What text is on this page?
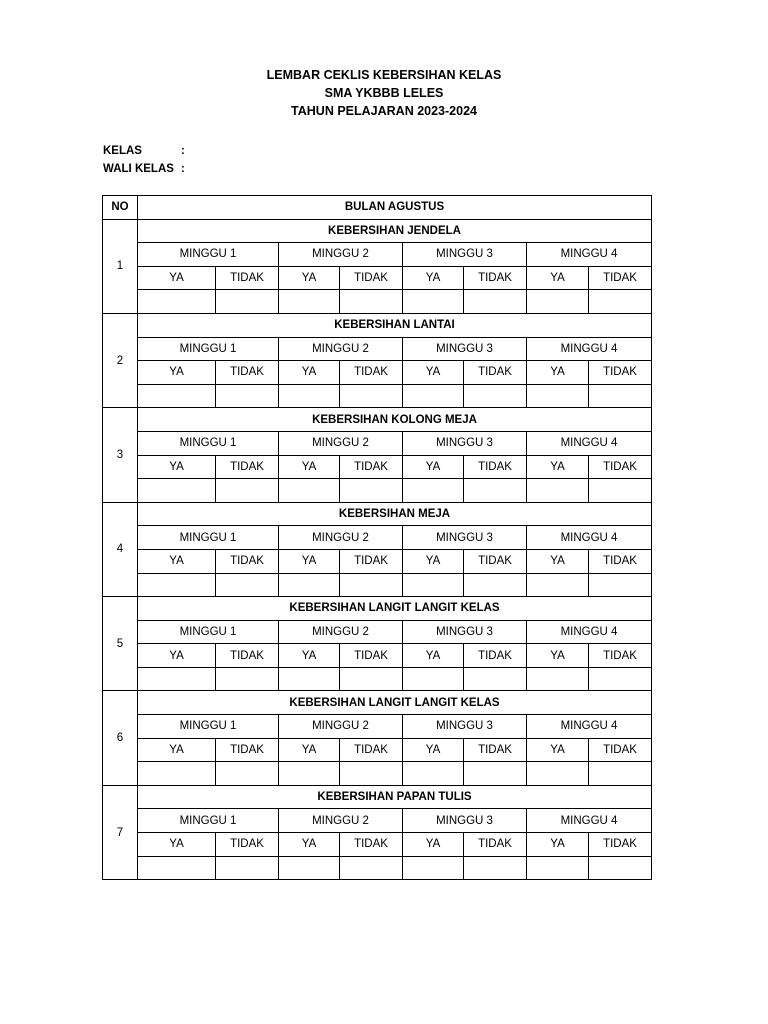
LEMBAR CEKLIS KEBERSIHAN KELAS
SMA YKBBB LELES
TAHUN PELAJARAN 2023-2024
KELAS	:
WALI KELAS :
NO	BULAN AGUSTUS							
1	KEBERSIHAN JENDELA							
	MINGGU 1		MINGGU 2		MINGGU 3		MINGGU 4	
	YA	TIDAK	YA	TIDAK	YA	TIDAK	YA	TIDAK

2	KEBERSIHAN LANTAI							
	MINGGU 1		MINGGU 2		MINGGU 3		MINGGU 4	
	YA	TIDAK	YA	TIDAK	YA	TIDAK	YA	TIDAK

3	KEBERSIHAN KOLONG MEJA							
	MINGGU 1		MINGGU 2		MINGGU 3		MINGGU 4	
	YA	TIDAK	YA	TIDAK	YA	TIDAK	YA	TIDAK

4	KEBERSIHAN MEJA							
	MINGGU 1		MINGGU 2		MINGGU 3		MINGGU 4	
	YA	TIDAK	YA	TIDAK	YA	TIDAK	YA	TIDAK

5	KEBERSIHAN LANGIT LANGIT KELAS							
	MINGGU 1		MINGGU 2		MINGGU 3		MINGGU 4	
	YA	TIDAK	YA	TIDAK	YA	TIDAK	YA	TIDAK

6	KEBERSIHAN LANGIT LANGIT KELAS							
	MINGGU 1		MINGGU 2		MINGGU 3		MINGGU 4	
	YA	TIDAK	YA	TIDAK	YA	TIDAK	YA	TIDAK

7	KEBERSIHAN PAPAN TULIS							
	MINGGU 1		MINGGU 2		MINGGU 3		MINGGU 4	
	YA	TIDAK	YA	TIDAK	YA	TIDAK	YA	TIDAK
